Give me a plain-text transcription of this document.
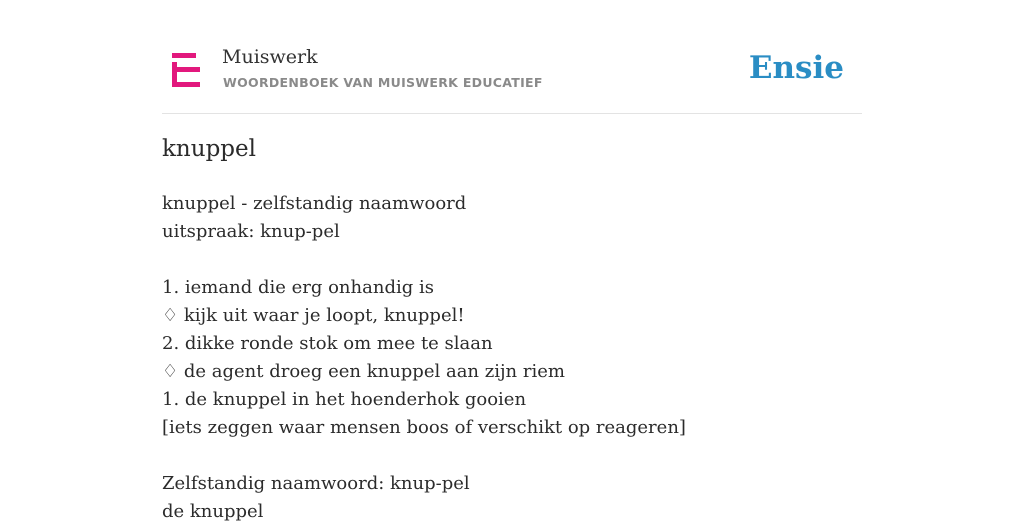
Muiswerk
WOORDENBOEK VAN MUISWERK EDUCATIEF	Ensie
knuppel
knuppel - zelfstandig naamwoord
uitspraak: knup-pel
1. iemand die erg onhandig is
♢ kijk uit waar je loopt, knuppel!
2. dikke ronde stok om mee te slaan
♢ de agent droeg een knuppel aan zijn riem
1. de knuppel in het hoenderhok gooien
[iets zeggen waar mensen boos of verschikt op reageren]
Zelfstandig naamwoord: knup-pel
de knuppel
